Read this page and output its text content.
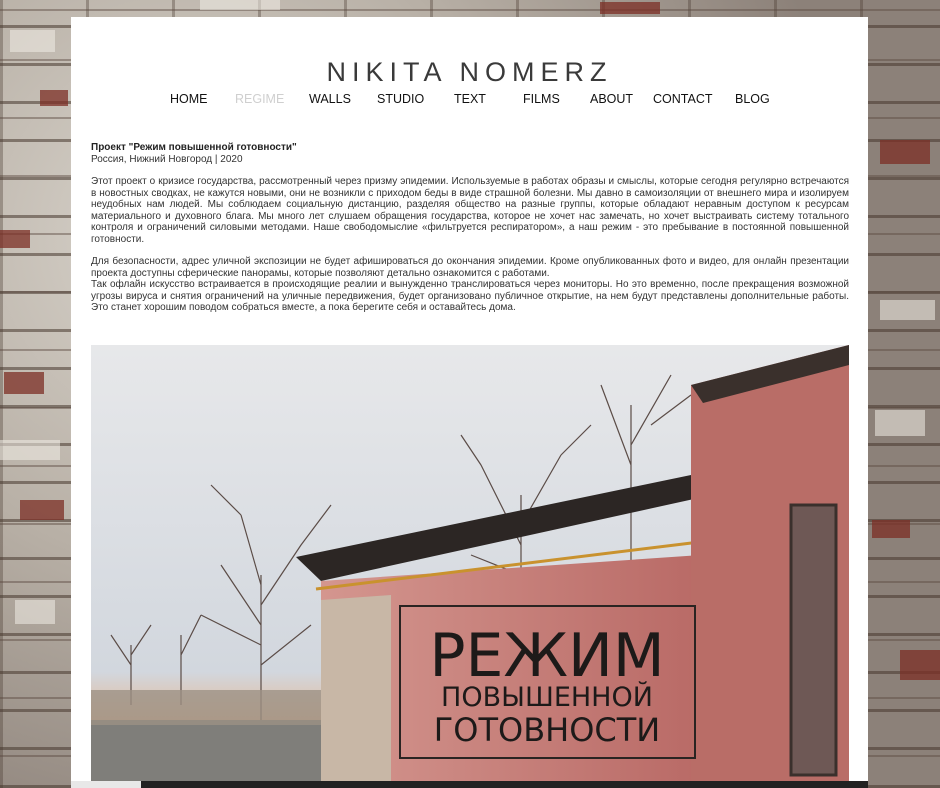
NIKITA NOMERZ
HOME REGIME WALLS STUDIO TEXT	FILMS ABOUT CONTACT BLOG

Проект "Режим повышенной готовности"

Россия, Нижний Новгород | 2020

Этот проект о кризисе государства, рассмотренный через призму эпидемии. Используемые в работах образы и смыслы, которые сегодня регулярно встречаются в новостных сводках, не кажутся новыми, они не возникли с приходом беды в виде страшной болезни. Мы давно в самоизоляции от внешнего мира и изолируем неудобных нам людей. Мы соблюдаем социальную дистанцию, разделяя общество на разные группы, которые обладают неравным доступом к ресурсам материального и духовного блага. Мы много лет слушаем обращения государства, которое не хочет нас замечать, но хочет выстраивать систему тотального контроля и ограничений силовыми методами. Наше свободомыслие «фильтруется респиратором», а наш режим - это пребывание в постоянной повышенной готовности.

Для безопасности, адрес уличной экспозиции не будет афишироваться до окончания эпидемии. Кроме опубликованных фото и видео, для онлайн презентации проекта доступны сферические панорамы, которые позволяют детально ознакомится с работами.

Так офлайн искусство встраивается в происходящие реалии и вынужденно транслироваться через мониторы. Но это временно, после прекращения возможной угрозы вируса и снятия ограничений на уличные передвижения, будет организовано публичное открытие, на нем будут представлены дополнительные работы. Это станет хорошим поводом собраться вместе, а пока берегите себя и оставайтесь дома.

РЕЖИМ
ПОВЫШЕННОЙ
ГОТОВНОСТИ
